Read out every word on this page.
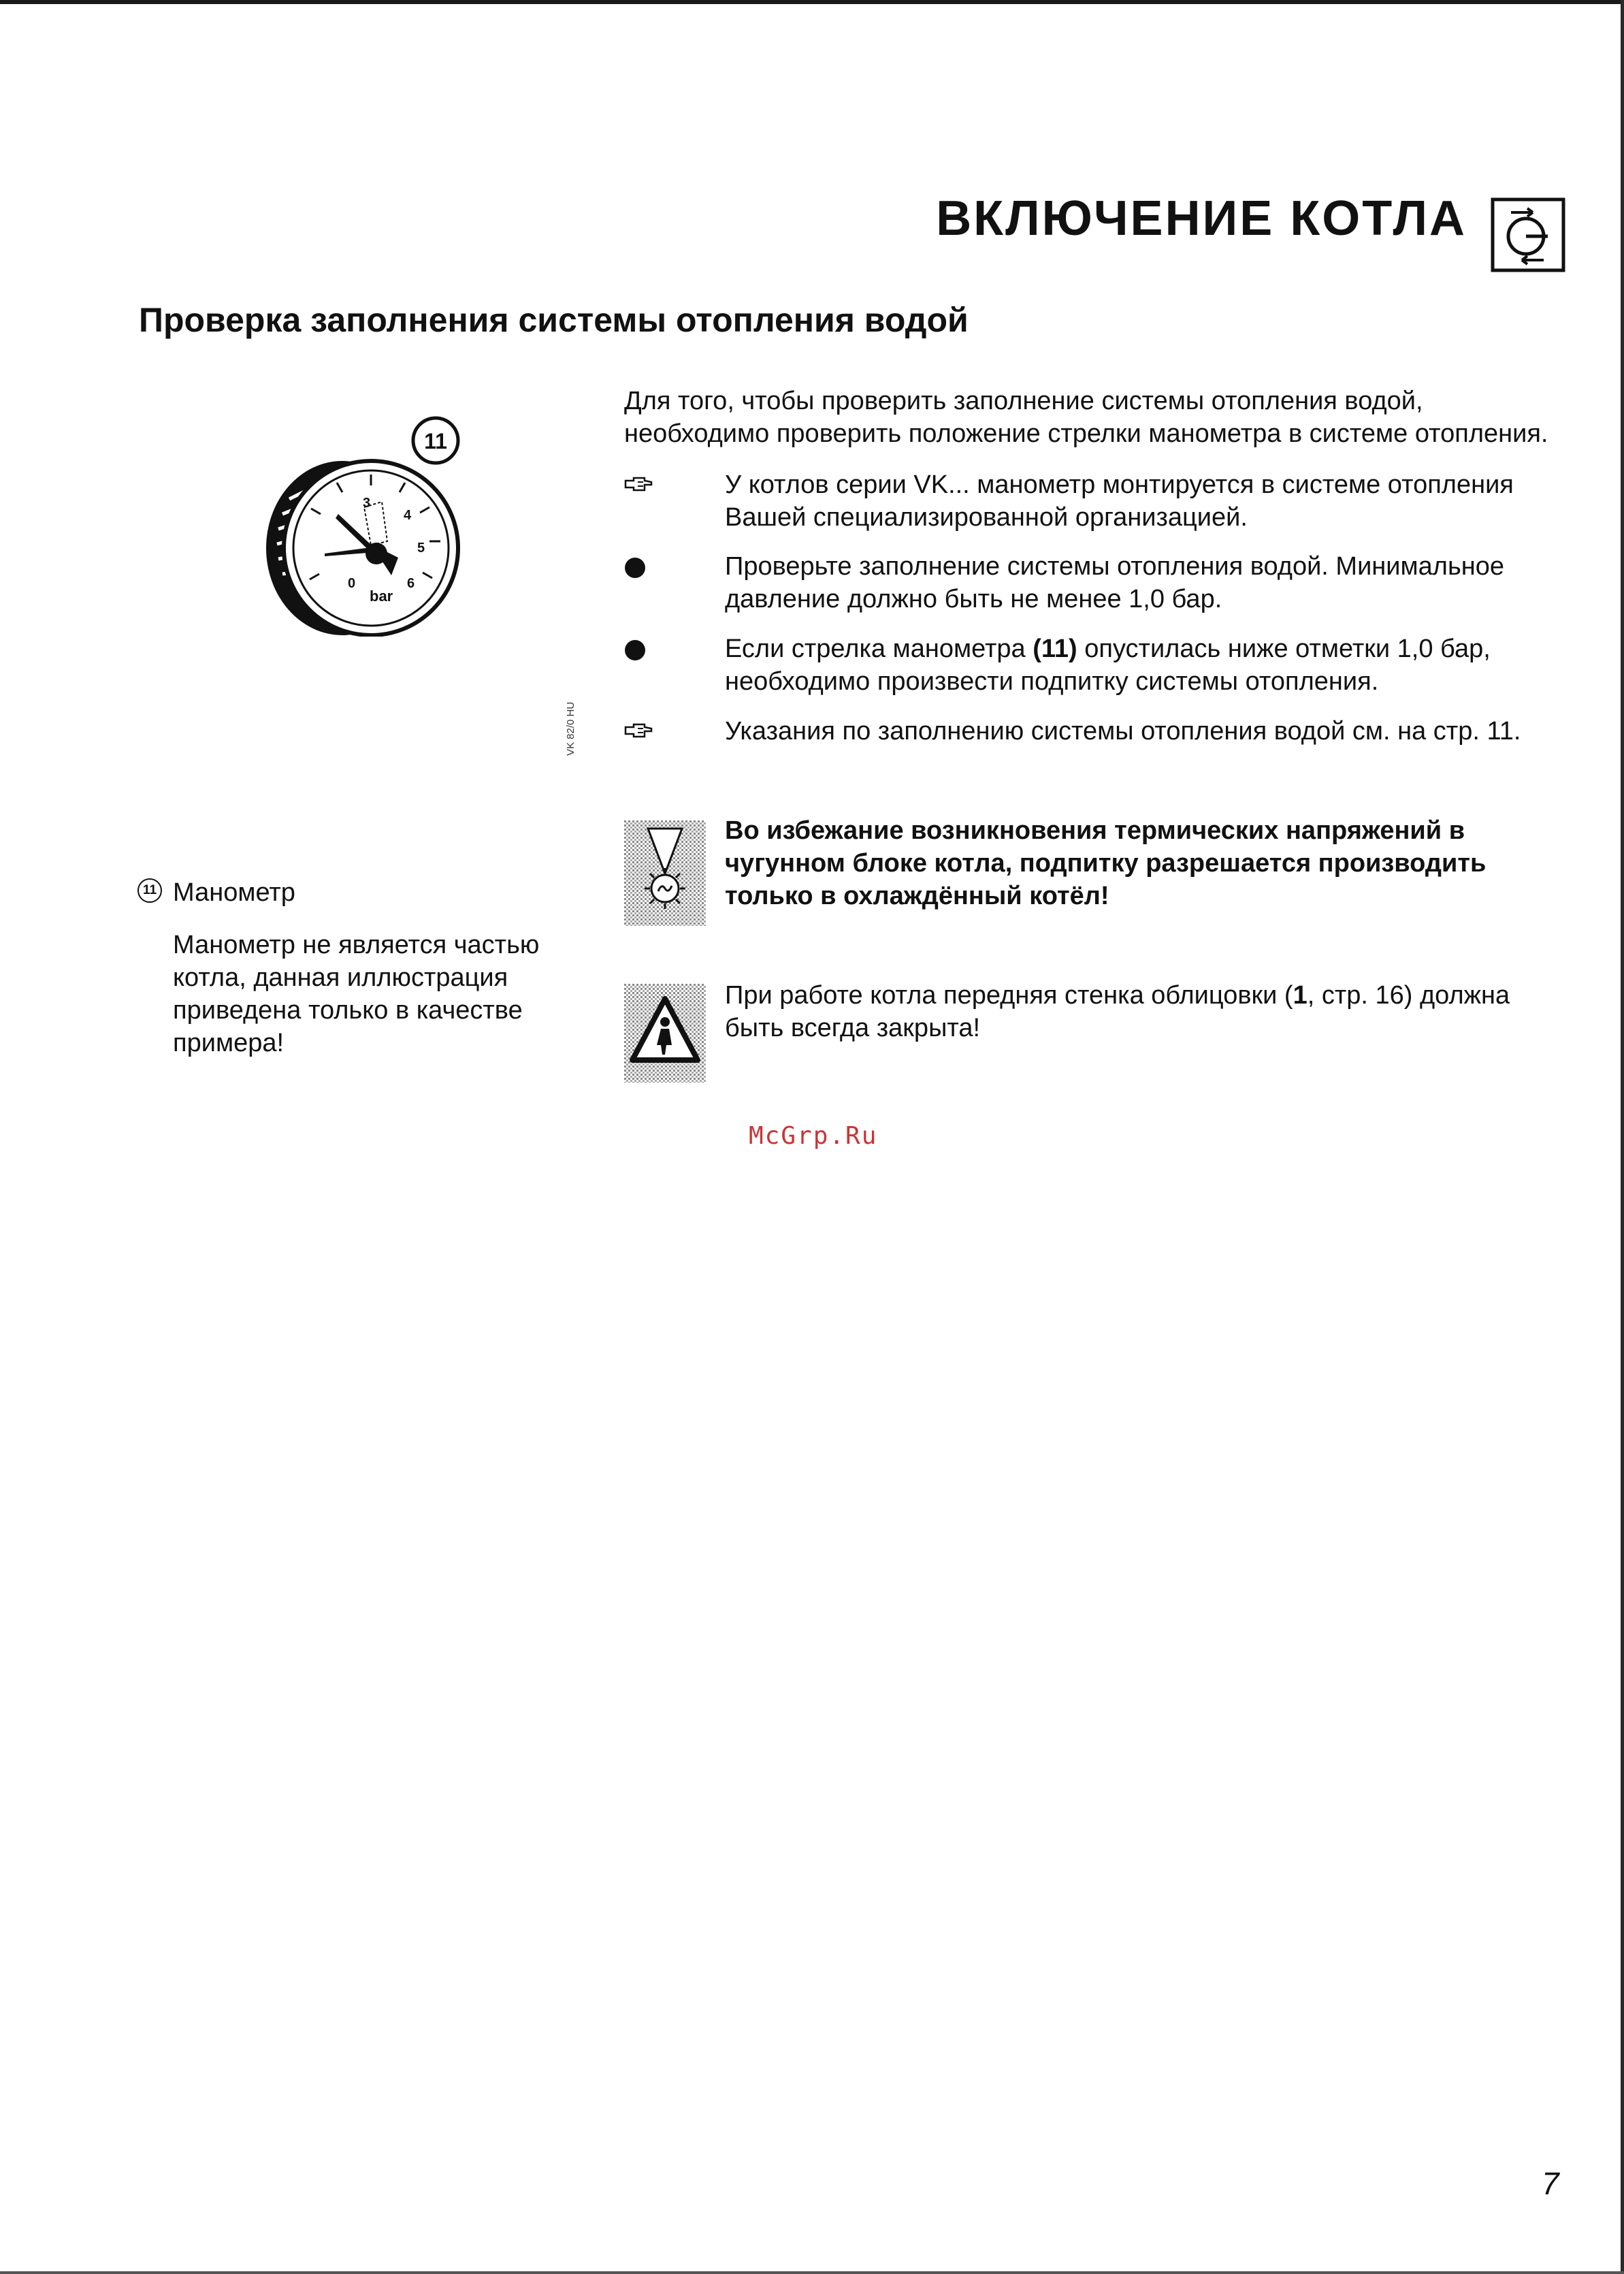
ВКЛЮЧЕНИЕ КОТЛА
Проверка заполнения системы отопления водой
3
4
5
6
0
bar
11
VK 82/0 HU
11 Манометр

Манометр не является частью котла, данная иллюстрация приведена только в качестве примера!

Для того, чтобы проверить заполнение системы отопления водой, необходимо проверить положение стрелки манометра в системе отопления.

У котлов серии VK... манометр монтируется в системе отопления Вашей специализированной организацией.

Проверьте заполнение системы отопления водой. Минимальное давление должно быть не менее 1,0 бар.

Если стрелка манометра (11) опустилась ниже отметки 1,0 бар, необходимо произвести подпитку системы отопления.

Указания по заполнению системы отопления водой см. на стр. 11.

Во избежание возникновения термических напряжений в чугунном блоке котла, подпитку разрешается производить только в охлаждённый котёл!

При работе котла передняя стенка облицовки (1, стр. 16) должна быть всегда закрыта!

McGrp.Ru
7
